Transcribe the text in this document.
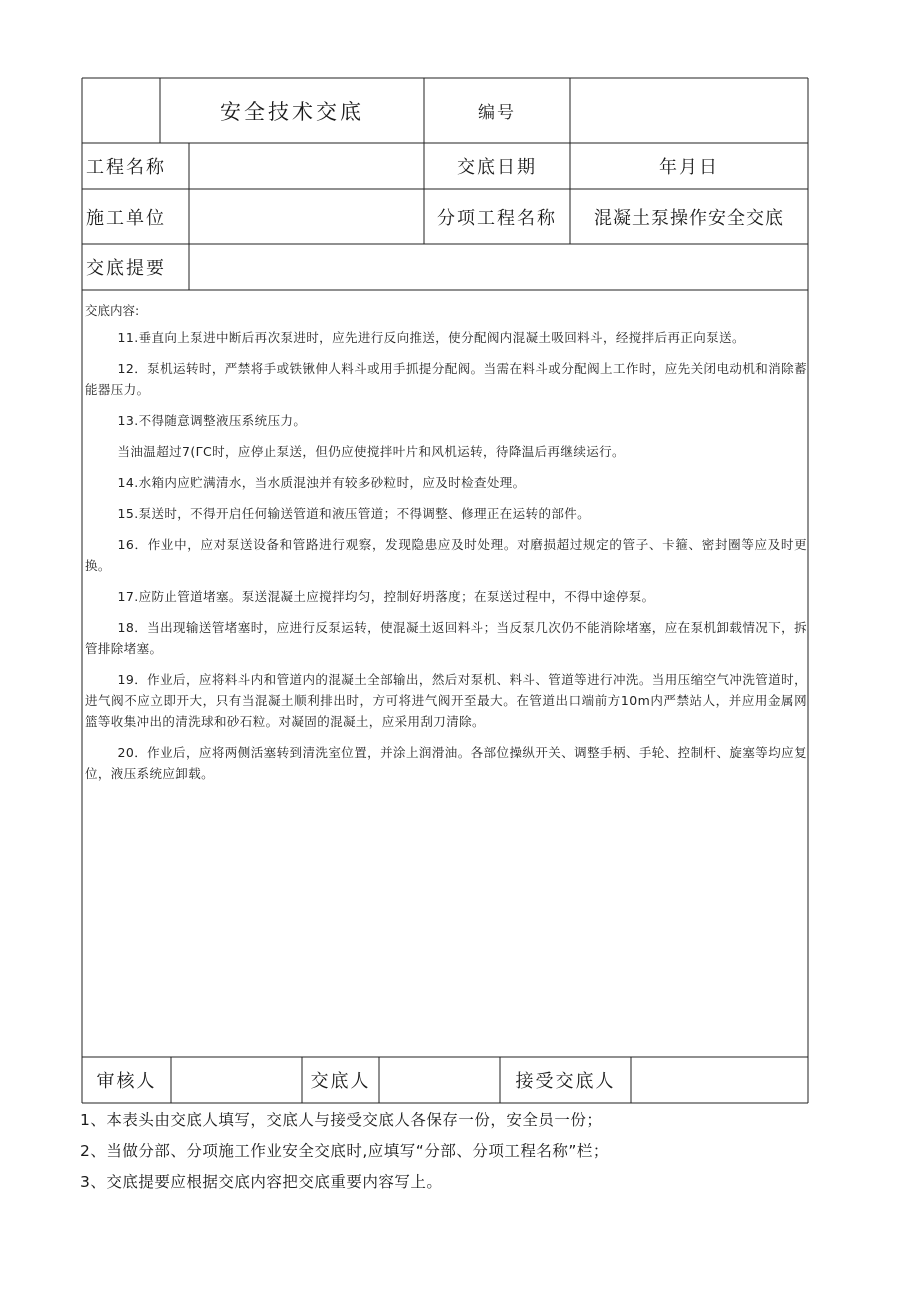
安全技术交底	编号
工程名称	交底日期	年月日
施工单位	分项工程名称	混凝土泵操作安全交底
交底提要
交底内容:

11.垂直向上泵进中断后再次泵进时，应先进行反向推送，使分配阀内混凝土吸回料斗，经搅拌后再正向泵送。

12．泵机运转时，严禁将手或铁锹伸人料斗或用手抓提分配阀。当需在料斗或分配阀上工作时，应先关闭电动机和消除蓄能器压力。

13.不得随意调整液压系统压力。

当油温超过7(ΓC时，应停止泵送，但仍应使搅拌叶片和风机运转，待降温后再继续运行。

14.水箱内应贮满清水，当水质混浊并有较多砂粒时，应及时检查处理。

15.泵送时，不得开启任何输送管道和液压管道；不得调整、修理正在运转的部件。

16．作业中，应对泵送设备和管路进行观察，发现隐患应及时处理。对磨损超过规定的管子、卡箍、密封圈等应及时更换。

17.应防止管道堵塞。泵送混凝土应搅拌均匀，控制好坍落度；在泵送过程中，不得中途停泵。

18．当出现输送管堵塞时，应进行反泵运转，使混凝土返回料斗；当反泵几次仍不能消除堵塞，应在泵机卸载情况下，拆管排除堵塞。

19．作业后，应将料斗内和管道内的混凝土全部输出，然后对泵机、料斗、管道等进行冲洗。当用压缩空气冲洗管道时，进气阀不应立即开大，只有当混凝土顺利排出时，方可将进气阀开至最大。在管道出口端前方10m内严禁站人，并应用金属网篮等收集冲出的清洗球和砂石粒。对凝固的混凝土，应采用刮刀清除。

20．作业后，应将两侧活塞转到清洗室位置，并涂上润滑油。各部位操纵开关、调整手柄、手轮、控制杆、旋塞等均应复位，液压系统应卸载。

审核人	交底人	接受交底人
1、本表头由交底人填写，交底人与接受交底人各保存一份，安全员一份；
2、当做分部、分项施工作业安全交底时,应填写“分部、分项工程名称”栏；
3、交底提要应根据交底内容把交底重要内容写上。
